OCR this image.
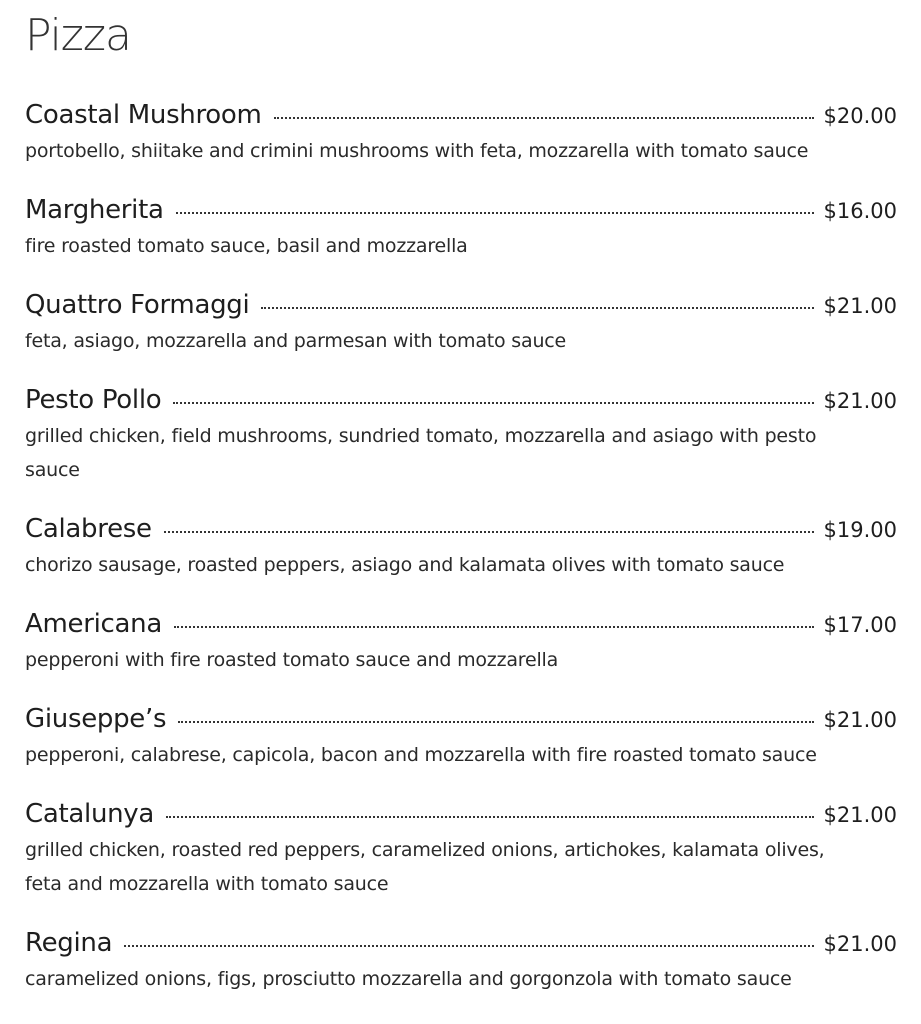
Pizza
Coastal Mushroom	$20.00

portobello, shiitake and crimini mushrooms with feta, mozzarella with tomato sauce

Margherita	$16.00

fire roasted tomato sauce, basil and mozzarella

Quattro Formaggi	$21.00

feta, asiago, mozzarella and parmesan with tomato sauce

Pesto Pollo	$21.00

grilled chicken, field mushrooms, sundried tomato, mozzarella and asiago with pesto sauce

Calabrese	$19.00

chorizo sausage, roasted peppers, asiago and kalamata olives with tomato sauce

Americana	$17.00

pepperoni with fire roasted tomato sauce and mozzarella

Giuseppe’s	$21.00

pepperoni, calabrese, capicola, bacon and mozzarella with fire roasted tomato sauce

Catalunya	$21.00

grilled chicken, roasted red peppers, caramelized onions, artichokes, kalamata olives, feta and mozzarella with tomato sauce

Regina	$21.00

caramelized onions, figs, prosciutto mozzarella and gorgonzola with tomato sauce
